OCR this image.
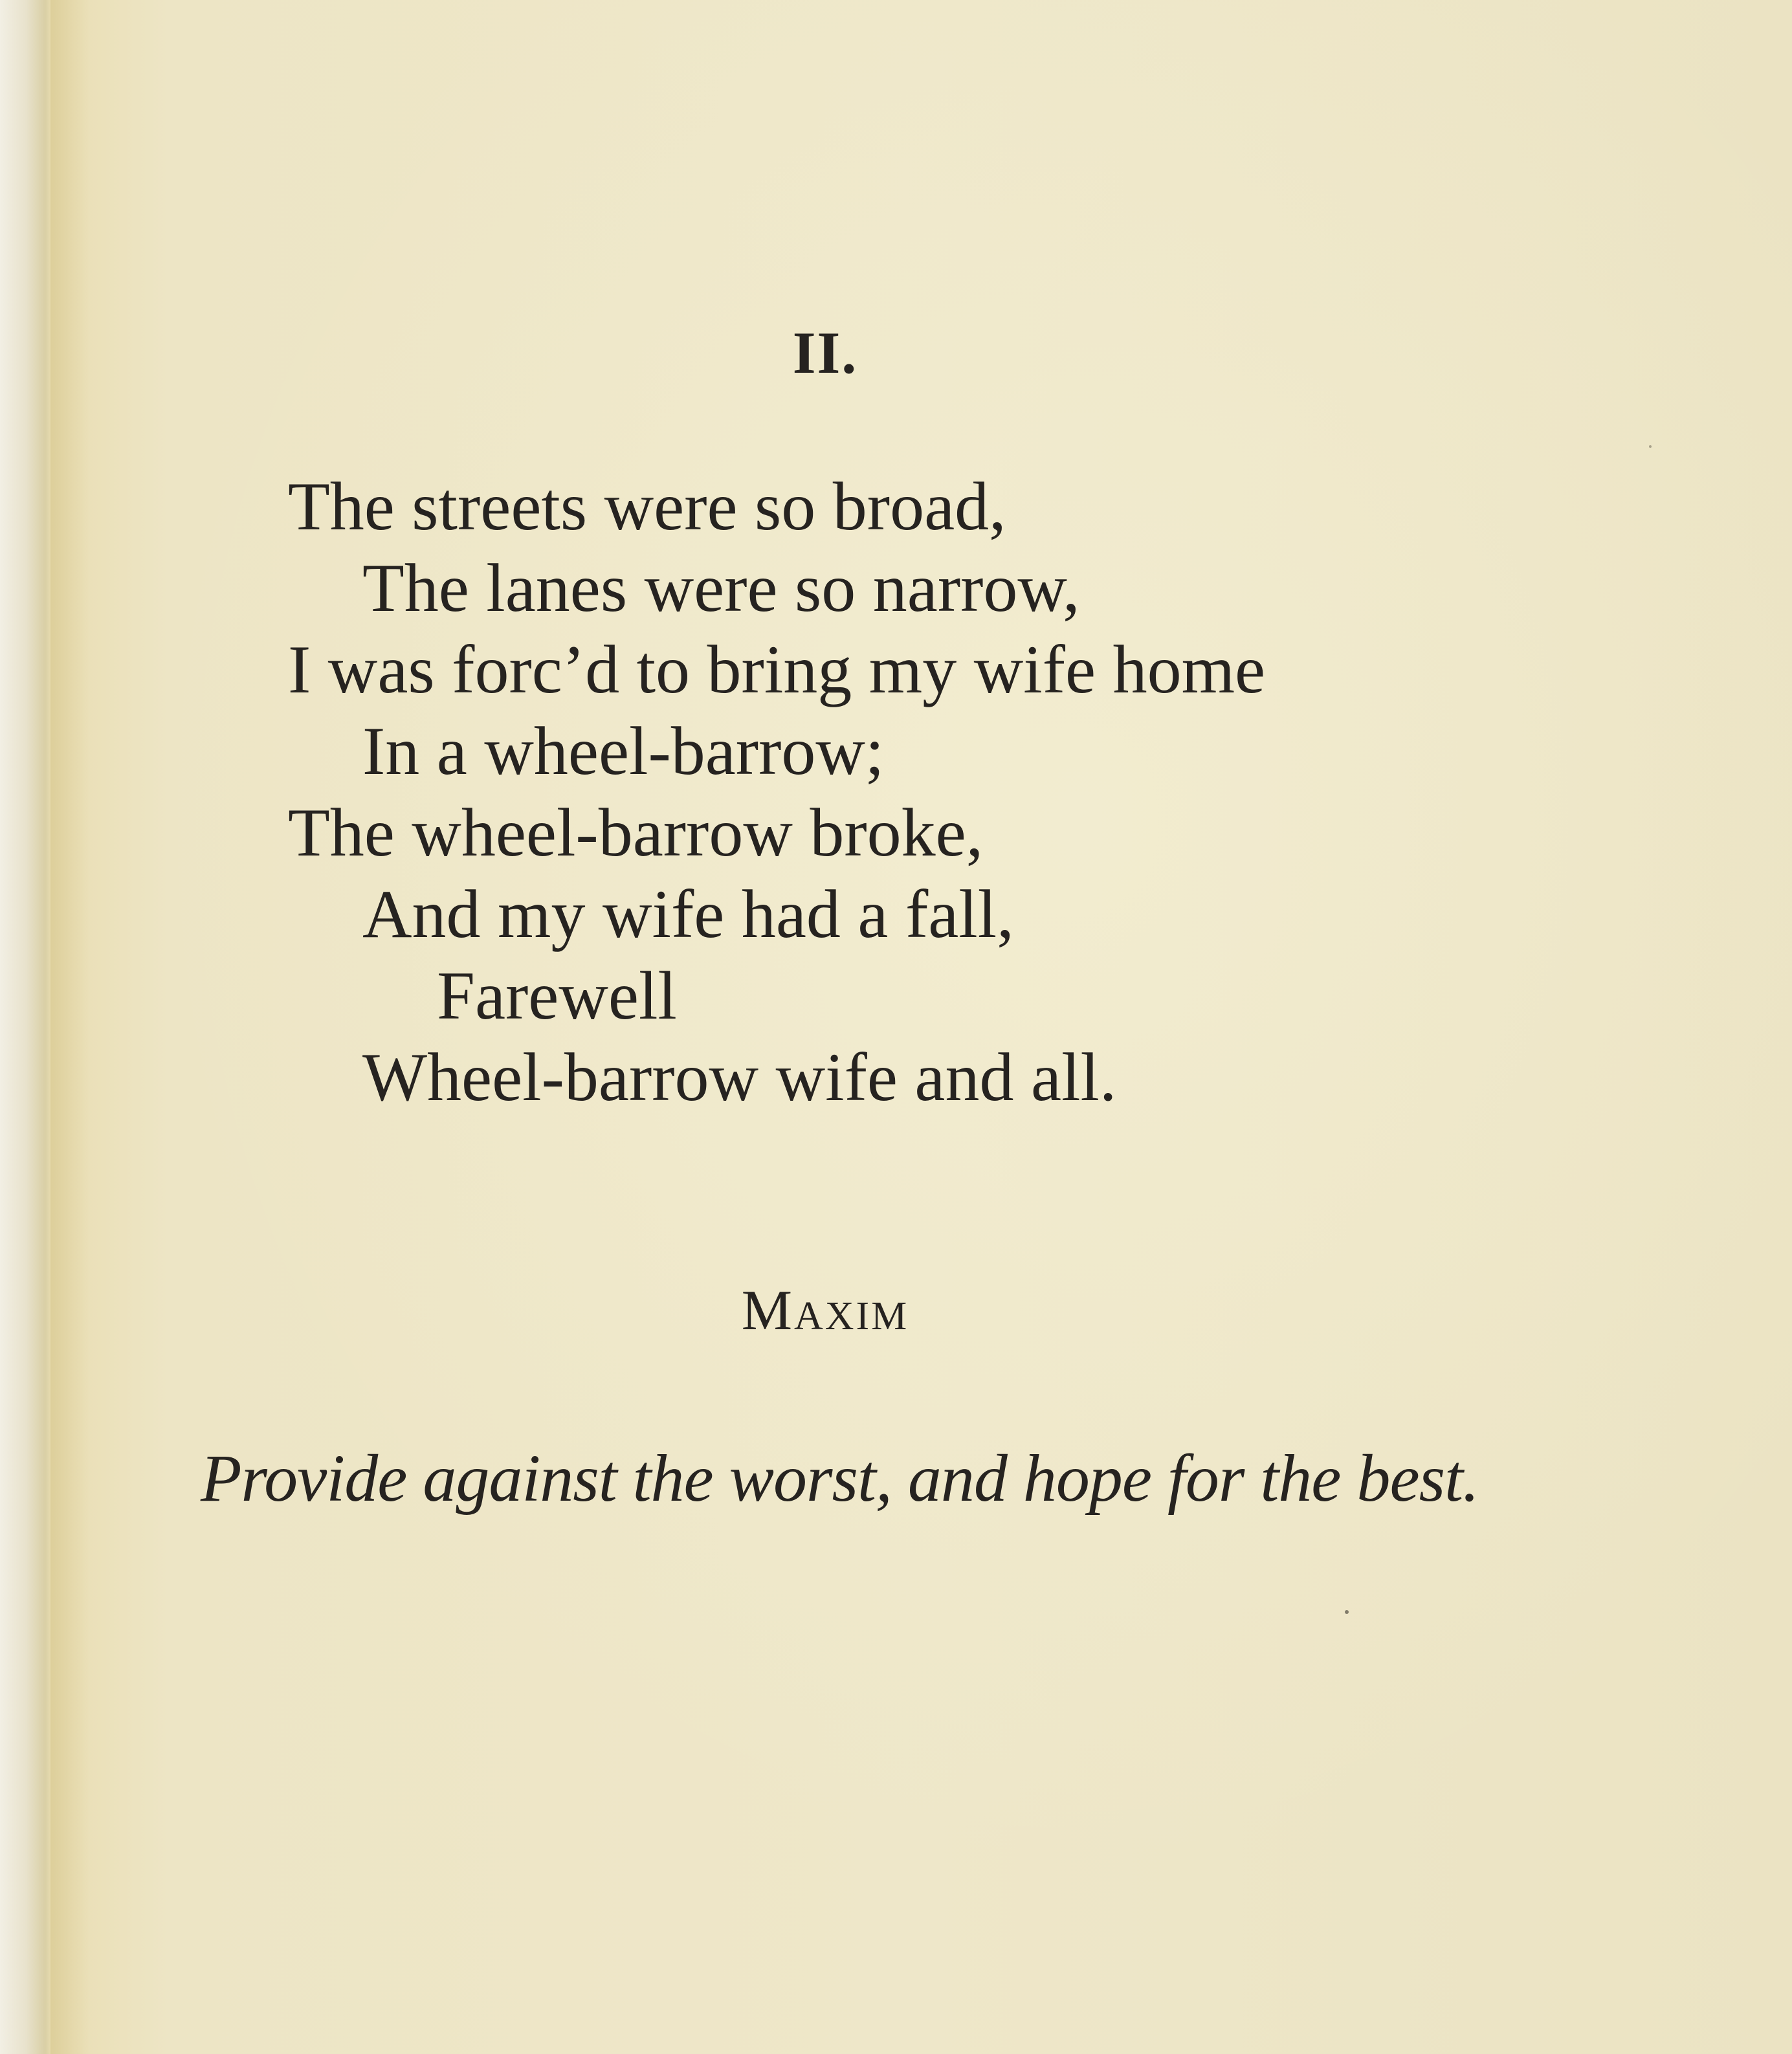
II.
The streets were so broad,
The lanes were so narrow,
I was forc’d to bring my wife home
In a wheel-barrow;
The wheel-barrow broke,
And my wife had a fall,
Farewell
Wheel-barrow wife and all.
Maxim
Provide against the worst, and hope for the best.
